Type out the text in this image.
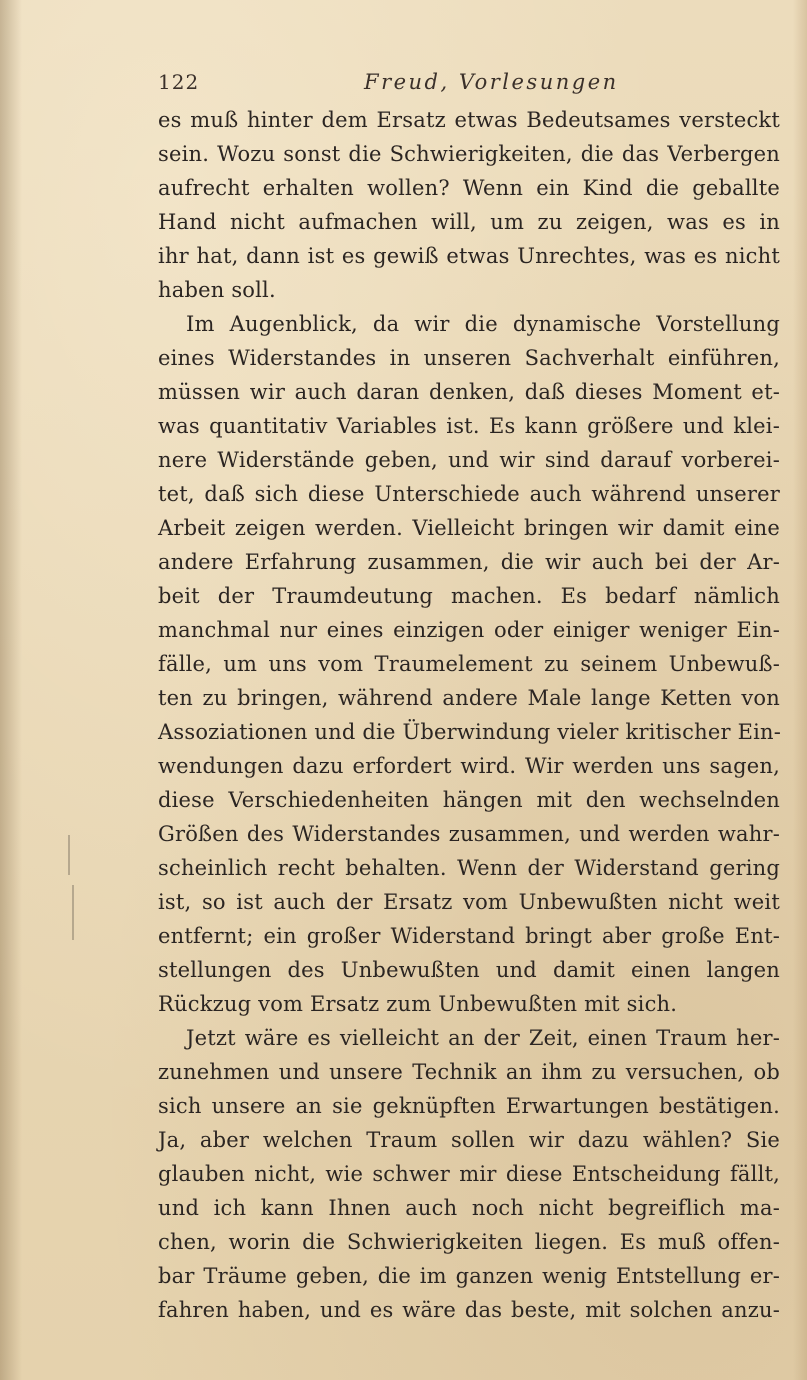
122	Freud, Vorlesungen
es muß hinter dem Ersatz etwas Bedeutsames versteckt
sein. Wozu sonst die Schwierigkeiten, die das Verbergen
aufrecht erhalten wollen? Wenn ein Kind die geballte
Hand nicht aufmachen will, um zu zeigen, was es in
ihr hat, dann ist es gewiß etwas Unrechtes, was es nicht
haben soll.
Im Augenblick, da wir die dynamische Vorstellung
eines Widerstandes in unseren Sachverhalt einführen,
müssen wir auch daran denken, daß dieses Moment et-
was quantitativ Variables ist. Es kann größere und klei-
nere Widerstände geben, und wir sind darauf vorberei-
tet, daß sich diese Unterschiede auch während unserer
Arbeit zeigen werden. Vielleicht bringen wir damit eine
andere Erfahrung zusammen, die wir auch bei der Ar-
beit der Traumdeutung machen. Es bedarf nämlich
manchmal nur eines einzigen oder einiger weniger Ein-
fälle, um uns vom Traumelement zu seinem Unbewuß-
ten zu bringen, während andere Male lange Ketten von
Assoziationen und die Überwindung vieler kritischer Ein-
wendungen dazu erfordert wird. Wir werden uns sagen,
diese Verschiedenheiten hängen mit den wechselnden
Größen des Widerstandes zusammen, und werden wahr-
scheinlich recht behalten. Wenn der Widerstand gering
ist, so ist auch der Ersatz vom Unbewußten nicht weit
entfernt; ein großer Widerstand bringt aber große Ent-
stellungen des Unbewußten und damit einen langen
Rückzug vom Ersatz zum Unbewußten mit sich.
Jetzt wäre es vielleicht an der Zeit, einen Traum her-
zunehmen und unsere Technik an ihm zu versuchen, ob
sich unsere an sie geknüpften Erwartungen bestätigen.
Ja, aber welchen Traum sollen wir dazu wählen? Sie
glauben nicht, wie schwer mir diese Entscheidung fällt,
und ich kann Ihnen auch noch nicht begreiflich ma-
chen, worin die Schwierigkeiten liegen. Es muß offen-
bar Träume geben, die im ganzen wenig Entstellung er-
fahren haben, und es wäre das beste, mit solchen anzu-
